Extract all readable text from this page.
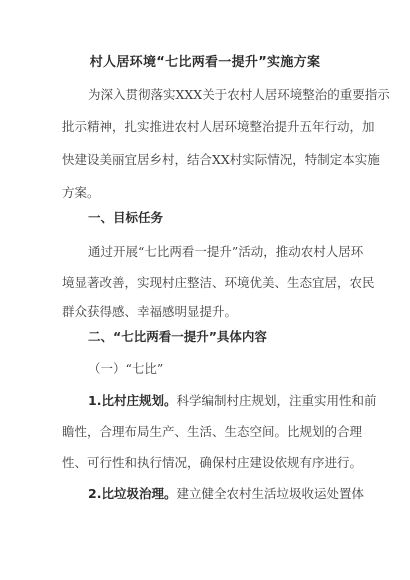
村人居环境“七比两看一提升”实施方案
为深入贯彻落实XXX关于农村人居环境整治的重要指示
批示精神，扎实推进农村人居环境整治提升五年行动，加
快建设美丽宜居乡村，结合XX村实际情况，特制定本实施
方案。
一、目标任务
通过开展“七比两看一提升”活动，推动农村人居环
境显著改善，实现村庄整洁、环境优美、生态宜居，农民
群众获得感、幸福感明显提升。
二、“七比两看一提升”具体内容
（一）“七比”
1.比村庄规划。科学编制村庄规划，注重实用性和前
瞻性，合理布局生产、生活、生态空间。比规划的合理
性、可行性和执行情况，确保村庄建设依规有序进行。
2.比垃圾治理。建立健全农村生活垃圾收运处置体
